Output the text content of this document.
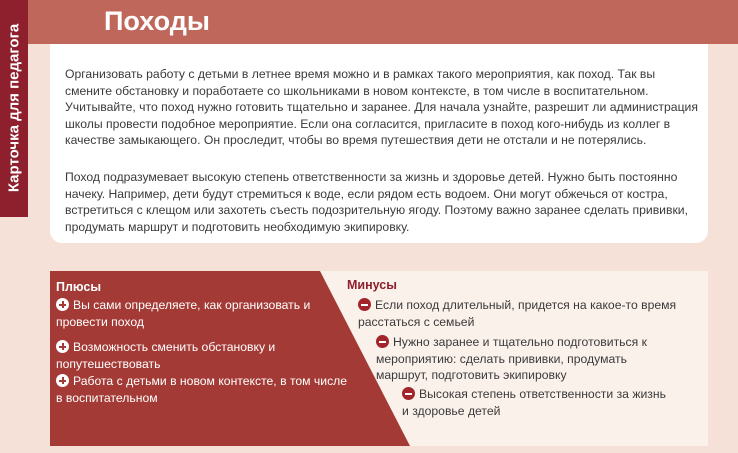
Карточка для педагога
Походы

Организовать работу с детьми в летнее время можно и в рамках такого мероприятия, как поход. Так вы смените обстановку и поработаете со школьниками в новом контексте, в том числе в воспитательном. Учитывайте, что поход нужно готовить тщательно и заранее. Для начала узнайте, разрешит ли администрация школы провести подобное мероприятие. Если она согласится, пригласите в поход кого-нибудь из коллег в качестве замыкающего. Он проследит, чтобы во время путешествия дети не отстали и не потерялись.

Поход подразумевает высокую степень ответственности за жизнь и здоровье детей. Нужно быть постоянно начеку. Например, дети будут стремиться к воде, если рядом есть водоем. Они могут обжечься от костра, встретиться с клещом или захотеть съесть подозрительную ягоду. Поэтому важно заранее сделать прививки, продумать маршрут и подготовить необходимую экипировку.

Плюсы
Вы сами определяете, как организовать и провести поход
Возможность сменить обстановку и попутешествовать
Работа с детьми в новом контексте, в том числе в воспитательном
Минусы
Если поход длительный, придется на какое-то время расстаться с семьей
Нужно заранее и тщательно подготовиться к мероприятию: сделать прививки, продумать маршрут, подготовить экипировку
Высокая степень ответственности за жизнь и здоровье детей
